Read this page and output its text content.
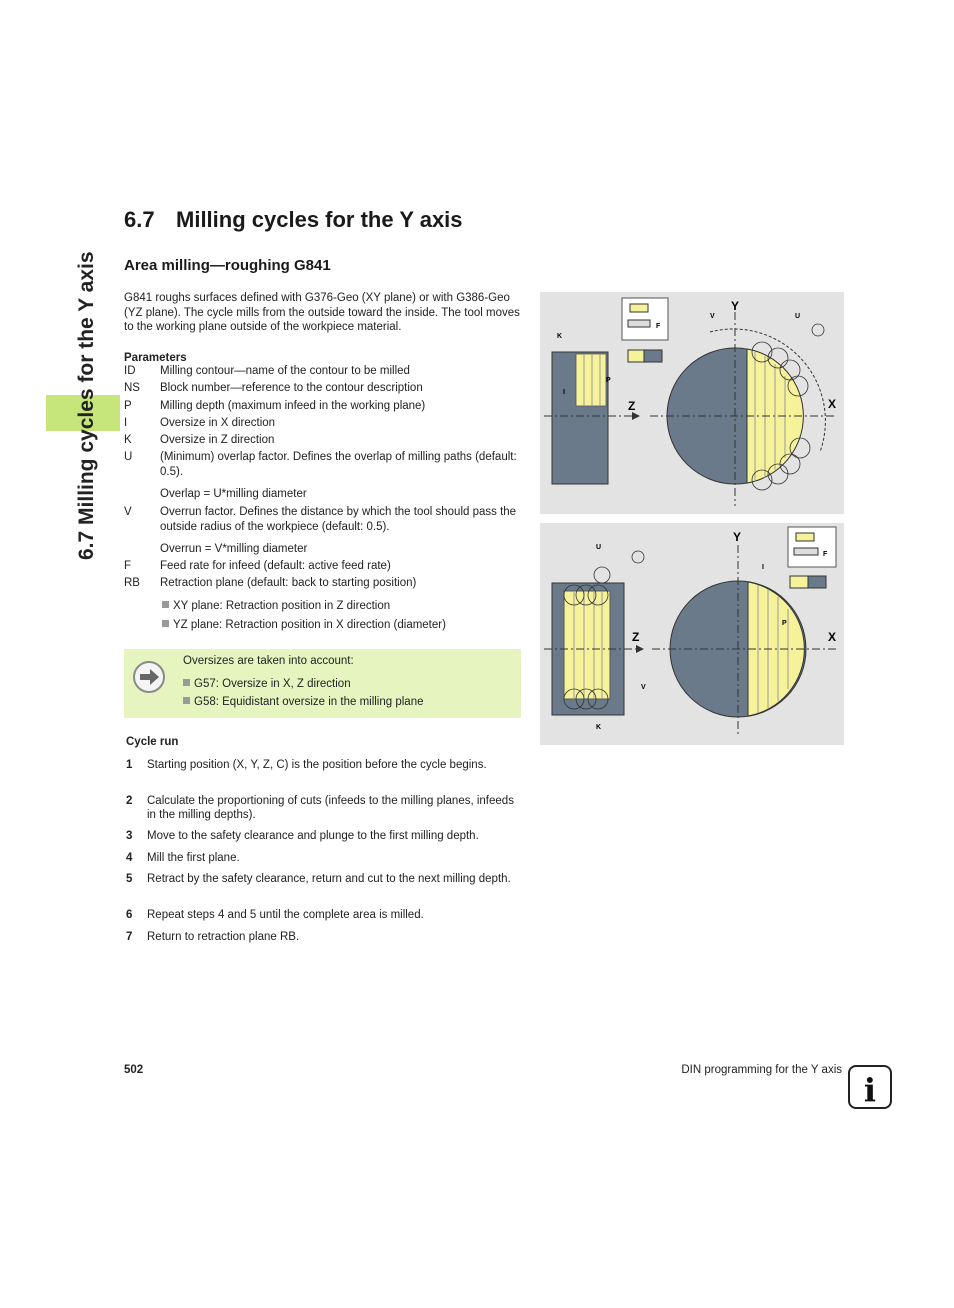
6.7 Milling cycles for the Y axis
6.7 Milling cycles for the Y axis
Area milling—roughing G841
G841 roughs surfaces defined with G376-Geo (XY plane) or with G386-Geo (YZ plane). The cycle mills from the outside toward the inside. The tool moves to the working plane outside of the workpiece material.
Parameters
ID	Milling contour—name of the contour to be milled
NS	Block number—reference to the contour description
P	Milling depth (maximum infeed in the working plane)
I	Oversize in X direction
K	Oversize in Z direction
U	(Minimum) overlap factor. Defines the overlap of milling paths (default: 0.5).
Overlap = U*milling diameter
V	Overrun factor. Defines the distance by which the tool should pass the outside radius of the workpiece (default: 0.5).
Overrun = V*milling diameter
F	Feed rate for infeed (default: active feed rate)
RB	Retraction plane (default: back to starting position)
XY plane: Retraction position in Z direction
YZ plane: Retraction position in X direction (diameter)
Oversizes are taken into account:
G57: Oversize in X, Z direction
G58: Equidistant oversize in the milling plane
Cycle run
1	Starting position (X, Y, Z, C) is the position before the cycle begins.
2	Calculate the proportioning of cuts (infeeds to the milling planes, infeeds in the milling depths).
3	Move to the safety clearance and plunge to the first milling depth.
4	Mill the first plane.
5	Retract by the safety clearance, return and cut to the next milling depth.
6	Repeat steps 4 and 5 until the complete area is milled.
7	Return to retraction plane RB.
K
I
P
Z
F
Y
X
V	U
U
Z
V
K
Y
X
I
P
F
502	DIN programming for the Y axis
i
